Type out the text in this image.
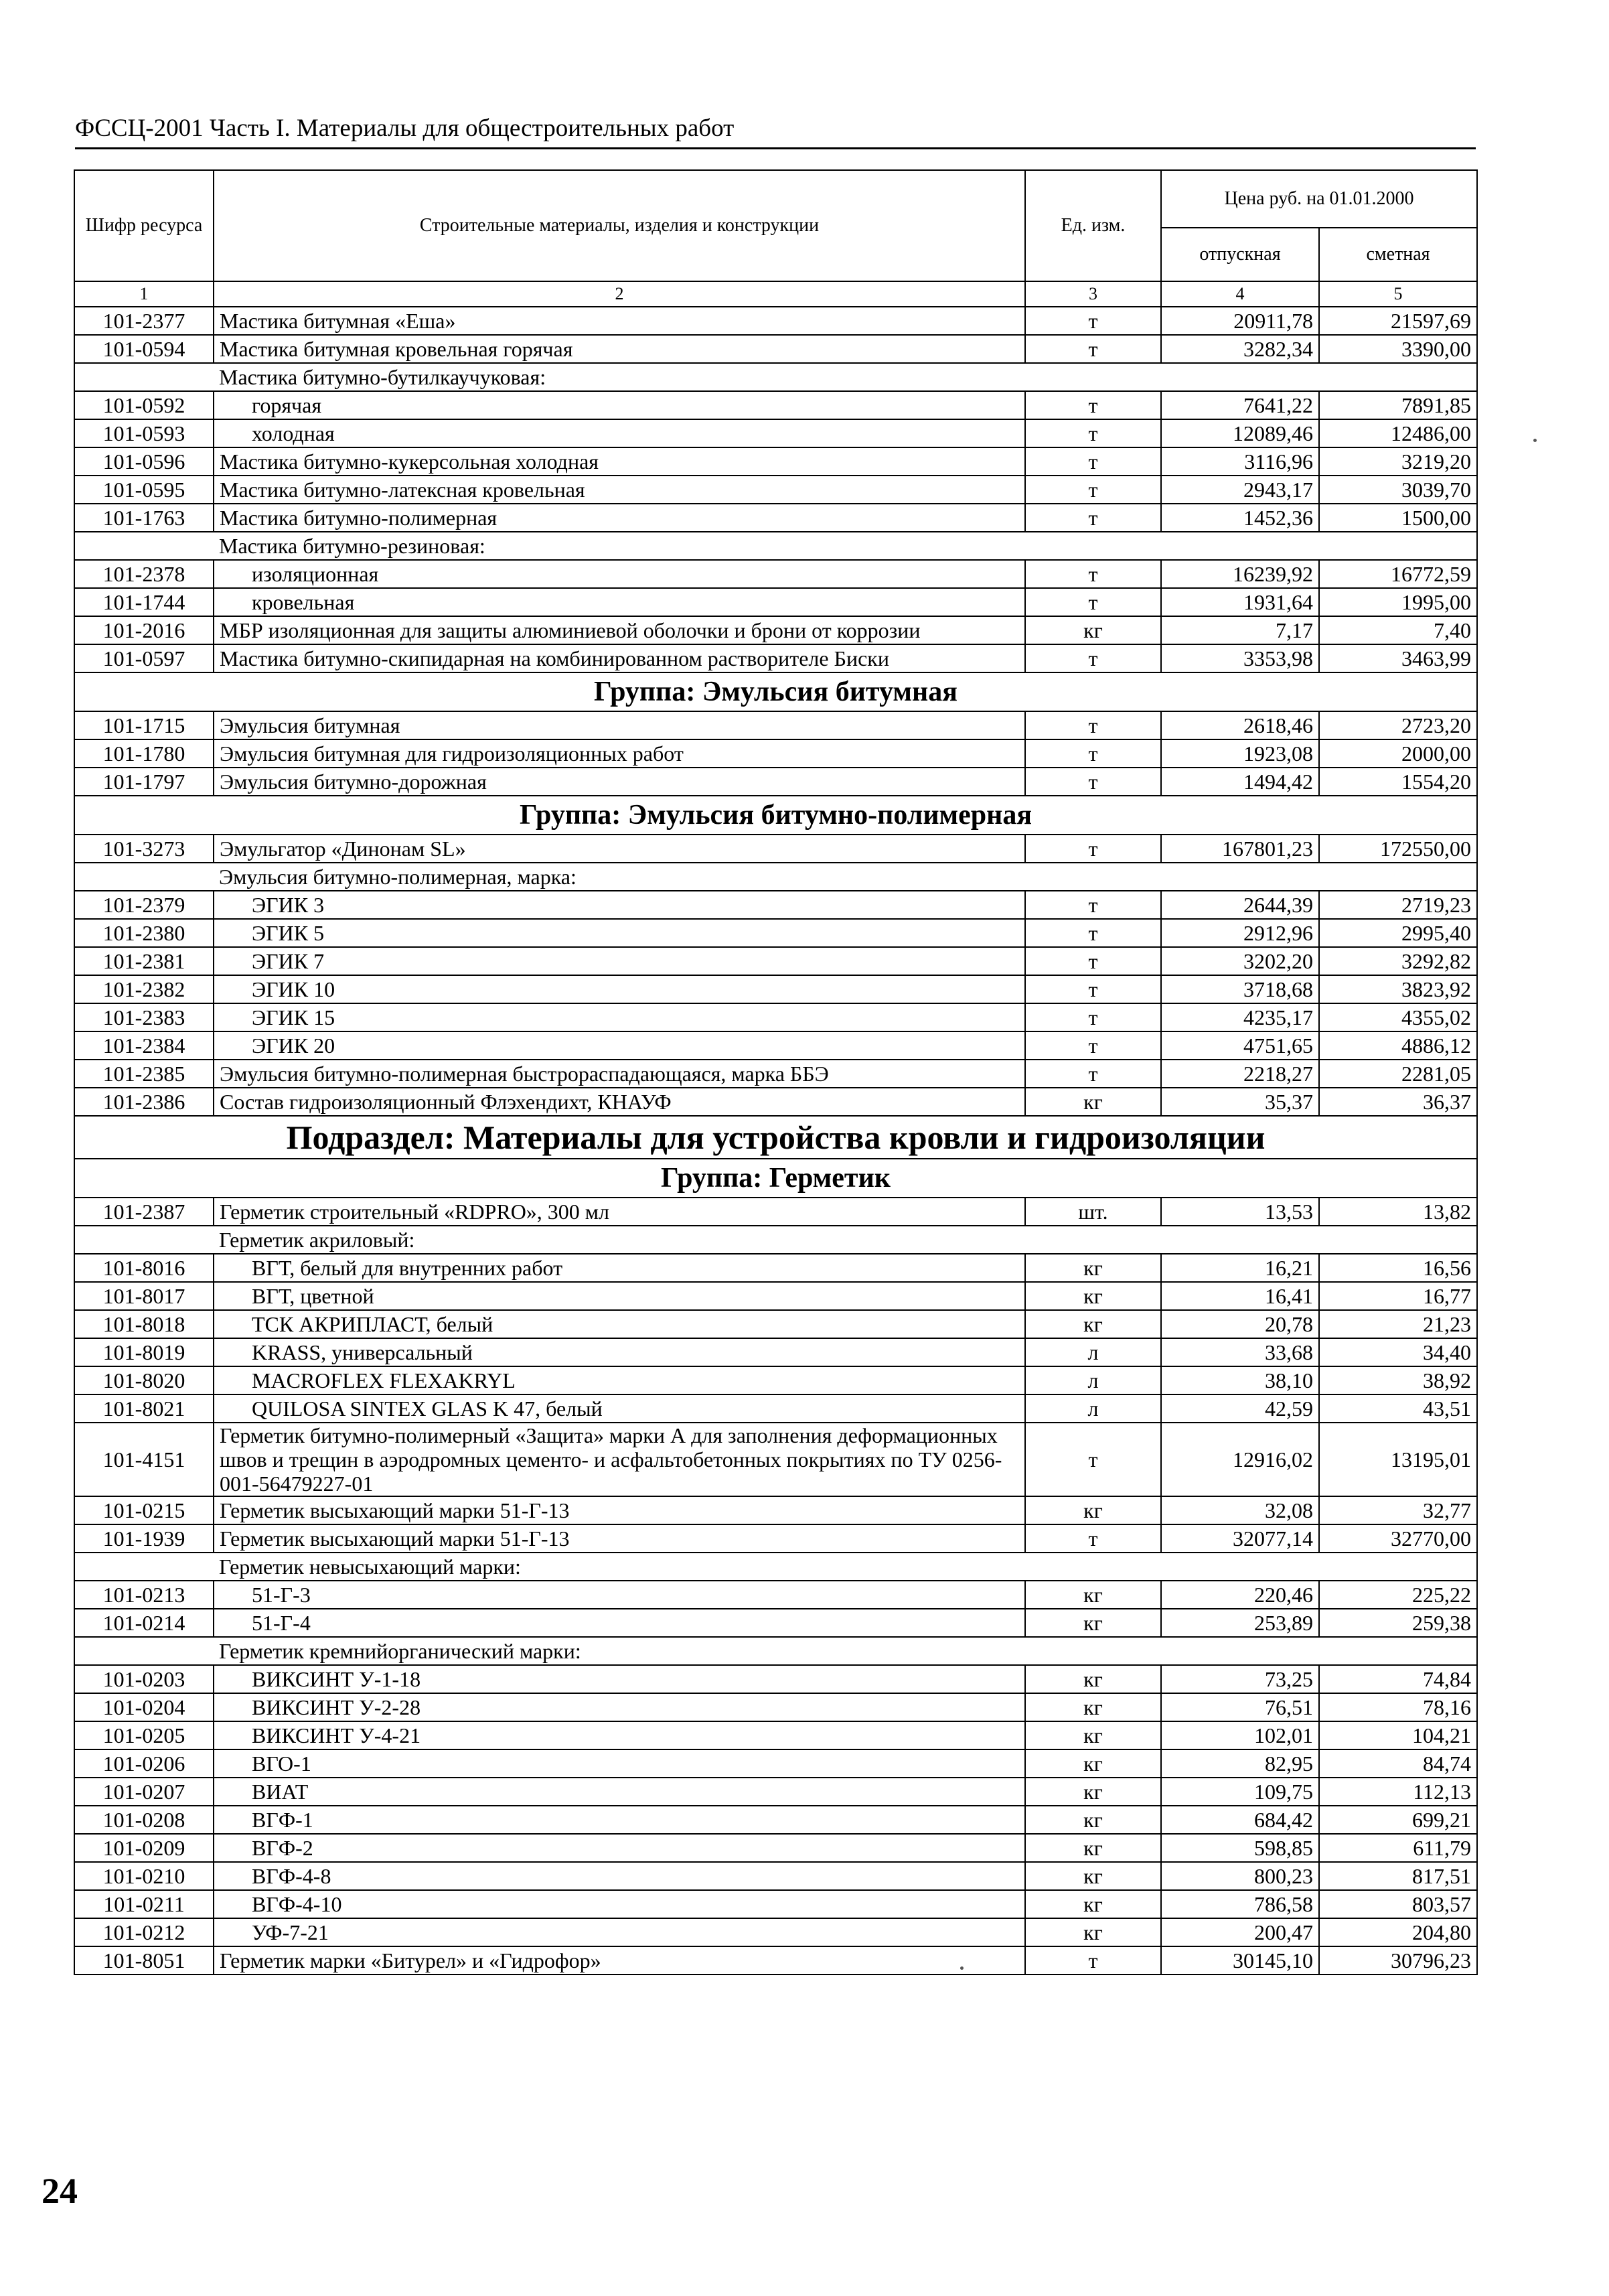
ФССЦ-2001 Часть I. Материалы для общестроительных работ
Шифр ресурса	Строительные материалы, изделия и конструкции	Ед. изм.	Цена руб. на 01.01.2000	
			отпускная	сметная
1	2	3	4	5
101-2377	Мастика битумная «Еша»	т	20911,78	21597,69
101-0594	Мастика битумная кровельная горячая	т	3282,34	3390,00
	Мастика битумно-бутилкаучуковая:			
101-0592	горячая	т	7641,22	7891,85
101-0593	холодная	т	12089,46	12486,00
101-0596	Мастика битумно-кукерсольная холодная	т	3116,96	3219,20
101-0595	Мастика битумно-латексная кровельная	т	2943,17	3039,70
101-1763	Мастика битумно-полимерная	т	1452,36	1500,00
	Мастика битумно-резиновая:			
101-2378	изоляционная	т	16239,92	16772,59
101-1744	кровельная	т	1931,64	1995,00
101-2016	МБР изоляционная для защиты алюминиевой оболочки и брони от коррозии	кг	7,17	7,40
101-0597	Мастика битумно-скипидарная на комбинированном растворителе Биски	т	3353,98	3463,99
Группа: Эмульсия битумная				
101-1715	Эмульсия битумная	т	2618,46	2723,20
101-1780	Эмульсия битумная для гидроизоляционных работ	т	1923,08	2000,00
101-1797	Эмульсия битумно-дорожная	т	1494,42	1554,20
Группа: Эмульсия битумно-полимерная				
101-3273	Эмульгатор «Динонам SL»	т	167801,23	172550,00
	Эмульсия битумно-полимерная, марка:			
101-2379	ЭГИК 3	т	2644,39	2719,23
101-2380	ЭГИК 5	т	2912,96	2995,40
101-2381	ЭГИК 7	т	3202,20	3292,82
101-2382	ЭГИК 10	т	3718,68	3823,92
101-2383	ЭГИК 15	т	4235,17	4355,02
101-2384	ЭГИК 20	т	4751,65	4886,12
101-2385	Эмульсия битумно-полимерная быстрораспадающаяся, марка ББЭ	т	2218,27	2281,05
101-2386	Состав гидроизоляционный Флэхендихт, КНАУФ	кг	35,37	36,37
Подраздел: Материалы для устройства кровли и гидроизоляции				
Группа: Герметик				
101-2387	Герметик строительный «RDPRO», 300 мл	шт.	13,53	13,82
	Герметик акриловый:			
101-8016	ВГТ, белый для внутренних работ	кг	16,21	16,56
101-8017	ВГТ, цветной	кг	16,41	16,77
101-8018	ТСК АКРИПЛАСТ, белый	кг	20,78	21,23
101-8019	KRASS, универсальный	л	33,68	34,40
101-8020	MACROFLEX FLEXAKRYL	л	38,10	38,92
101-8021	QUILOSA SINTEX GLAS K 47, белый	л	42,59	43,51
101-4151	Герметик битумно-полимерный «Защита» марки А для заполнения деформационных швов и трещин в аэродромных цементо- и асфальтобетонных покрытиях по ТУ 0256-001-56479227-01	т	12916,02	13195,01
101-0215	Герметик высыхающий марки 51-Г-13	кг	32,08	32,77
101-1939	Герметик высыхающий марки 51-Г-13	т	32077,14	32770,00
	Герметик невысыхающий марки:			
101-0213	51-Г-3	кг	220,46	225,22
101-0214	51-Г-4	кг	253,89	259,38
	Герметик кремнийорганический марки:			
101-0203	ВИКСИНТ У-1-18	кг	73,25	74,84
101-0204	ВИКСИНТ У-2-28	кг	76,51	78,16
101-0205	ВИКСИНТ У-4-21	кг	102,01	104,21
101-0206	ВГО-1	кг	82,95	84,74
101-0207	ВИАТ	кг	109,75	112,13
101-0208	ВГФ-1	кг	684,42	699,21
101-0209	ВГФ-2	кг	598,85	611,79
101-0210	ВГФ-4-8	кг	800,23	817,51
101-0211	ВГФ-4-10	кг	786,58	803,57
101-0212	УФ-7-21	кг	200,47	204,80
101-8051	Герметик марки «Битурел» и «Гидрофор»	т	30145,10	30796,23
24
